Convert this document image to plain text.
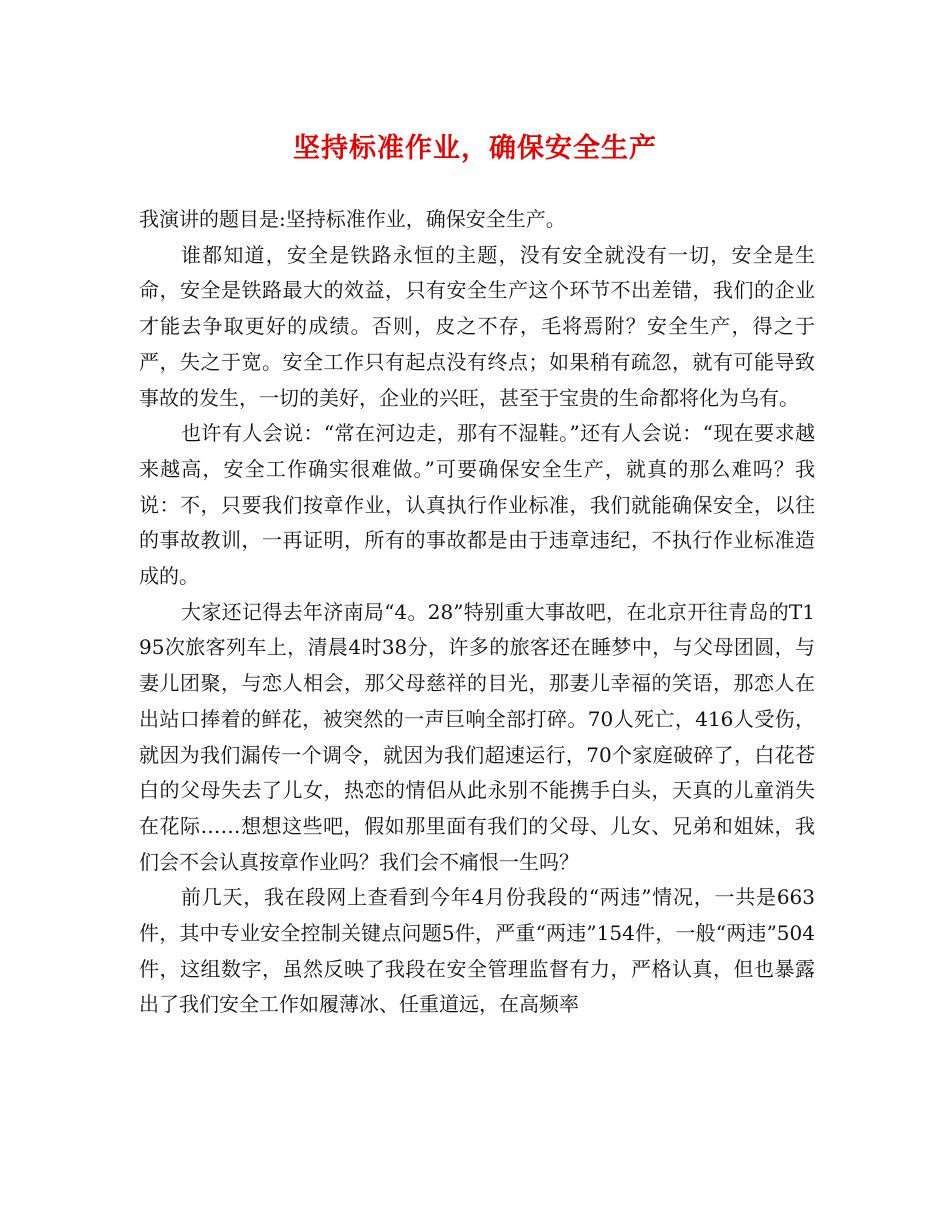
坚持标准作业，确保安全生产

我演讲的题目是:坚持标准作业，确保安全生产。

谁都知道，安全是铁路永恒的主题，没有安全就没有一切，安全是生命，安全是铁路最大的效益，只有安全生产这个环节不出差错，我们的企业才能去争取更好的成绩。否则，皮之不存，毛将焉附？安全生产，得之于严，失之于宽。安全工作只有起点没有终点；如果稍有疏忽，就有可能导致事故的发生，一切的美好，企业的兴旺，甚至于宝贵的生命都将化为乌有。

也许有人会说：“常在河边走，那有不湿鞋。”还有人会说：“现在要求越来越高，安全工作确实很难做。”可要确保安全生产，就真的那么难吗？我说：不，只要我们按章作业，认真执行作业标准，我们就能确保安全，以往的事故教训，一再证明，所有的事故都是由于违章违纪，不执行作业标准造成的。

大家还记得去年济南局“4。28”特别重大事故吧，在北京开往青岛的T195次旅客列车上，清晨4时38分，许多的旅客还在睡梦中，与父母团圆，与妻儿团聚，与恋人相会，那父母慈祥的目光，那妻儿幸福的笑语，那恋人在出站口捧着的鲜花，被突然的一声巨响全部打碎。70人死亡，416人受伤，就因为我们漏传一个调令，就因为我们超速运行，70个家庭破碎了，白花苍白的父母失去了儿女，热恋的情侣从此永别不能携手白头，天真的儿童消失在花际……想想这些吧，假如那里面有我们的父母、儿女、兄弟和姐妹，我们会不会认真按章作业吗？我们会不痛恨一生吗？

前几天，我在段网上查看到今年4月份我段的“两违”情况，一共是663件，其中专业安全控制关键点问题5件，严重“两违”154件，一般“两违”504件，这组数字，虽然反映了我段在安全管理监督有力，严格认真，但也暴露出了我们安全工作如履薄冰、任重道远，在高频率
